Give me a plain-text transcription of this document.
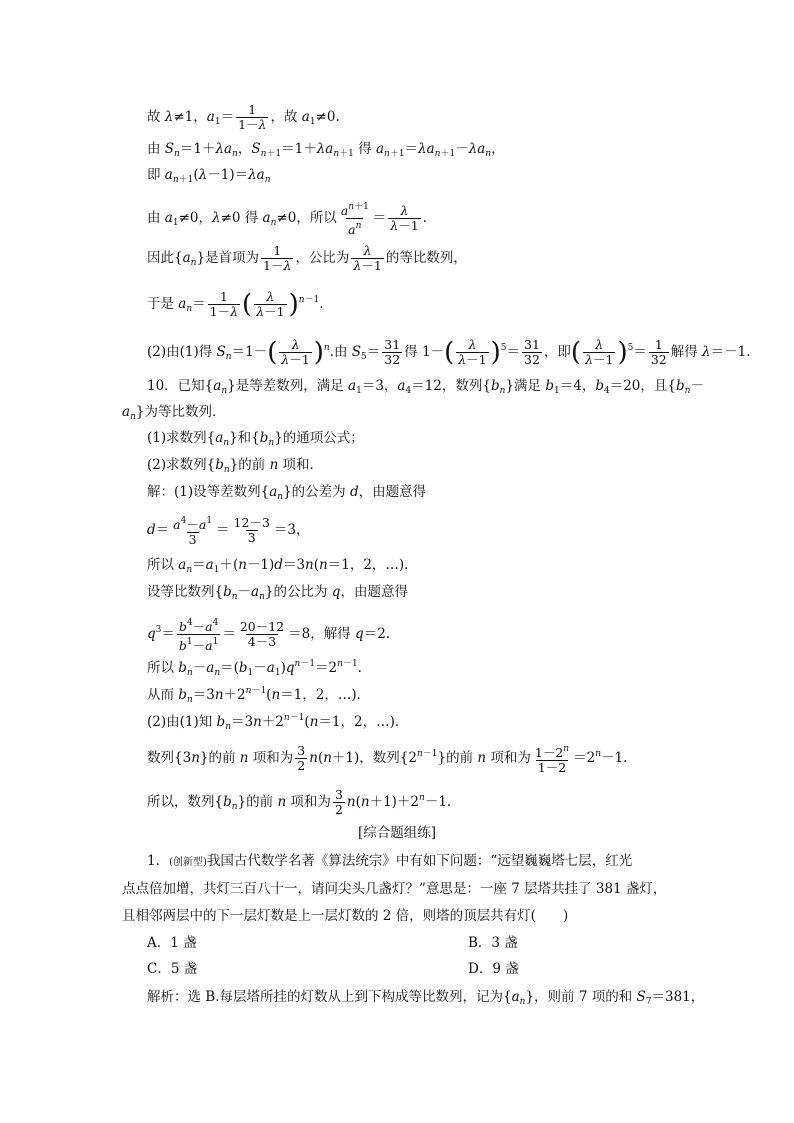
故 λ≠1，$a_1= \frac{1}{1-\lambda}$ ，故 $a_1\ne 0$.
由 $S_n=1+\lambda a_n$，$S_{n+1}=1+\lambda a_{n+1}$ 得 $a_{n+1}=\lambda a_{n+1}-\lambda a_n$，
即 $a_{n+1}(\lambda-1)=\lambda a_n$
由 $a_1\ne 0$，λ≠0 得 $a_n\ne 0$，所以 $\frac{a^{n+1}}{a^n} = \frac{\lambda}{\lambda-1}$ .
因此$\{a_n\}$是首项为 $\frac{1}{1-\lambda}$ ，公比为 $\frac{\lambda}{\lambda-1}$ 的等比数列，
于是 $a_n= \frac{1}{1-\lambda}$ ( $\frac{\lambda}{\lambda-1} )^{n-1}$.
(2)由(1)得 $S_n=1-( \frac{\lambda}{\lambda-1} )^n$.由 $S_5= \frac{31}{32}$ 得 $1-( \frac{\lambda}{\lambda-1} )^5= \frac{31}{32}$ ，即( $\frac{\lambda}{\lambda-1} )^5= \frac{1}{32}$ 解得 λ＝－1.
10．已知$\{a_n\}$是等差数列，满足 $a_1=3$，$a_4=12$，数列$\{b_n\}$满足 $b_1=4$，$b_4=20$，且{$b_n-$
$a_n$}为等比数列．
(1)求数列$\{a_n\}$和$\{b_n\}$的通项公式；
(2)求数列$\{b_n\}$的前 n 项和．
解：(1)设等差数列$\{a_n\}$的公差为 d，由题意得
$d= \frac{a^4-a^1}{3} = \frac{12-3}{3} =3$，
所以 $a_n=a_1+(n-1)d=3n(n=1$，2，…)．
设等比数列$\{b_n-a_n\}$的公比为 q，由题意得
$q^3= \frac{b^4-a^4}{b^1-a^1} = \frac{20-12}{4-3} =8$，解得 q＝2.
所以 $b_n-a_n=(b_1-a_1)q^{n-1}=2^{n-1}$.
从而 $b_n=3n+2^{n-1}(n=1$，2，…)．
(2)由(1)知 $b_n=3n+2^{n-1}(n=1$，2，…)．
数列{3n}的前 n 项和为 $\frac{3}{2} n(n+1)$，数列$\{2^{n-1}\}$的前 n 项和为 $\frac{1-2^n}{1-2} =2^n-1$.
所以，数列$\{b_n\}$的前 n 项和为 $\frac{3}{2} n(n+1)+2^n-1$.
[综合题组练]
1．(创新型)我国古代数学名著《算法统宗》中有如下问题：“远望巍巍塔七层，红光
点点倍加增，共灯三百八十一，请问尖头几盏灯？”意思是：一座 7 层塔共挂了 381 盏灯，
且相邻两层中的下一层灯数是上一层灯数的 2 倍，则塔的顶层共有灯(　　)
A．1 盏	B．3 盏
C．5 盏	D．9 盏
解析：选 B.每层塔所挂的灯数从上到下构成等比数列，记为$\{a_n\}$，则前 7 项的和 $S_7=381$，
